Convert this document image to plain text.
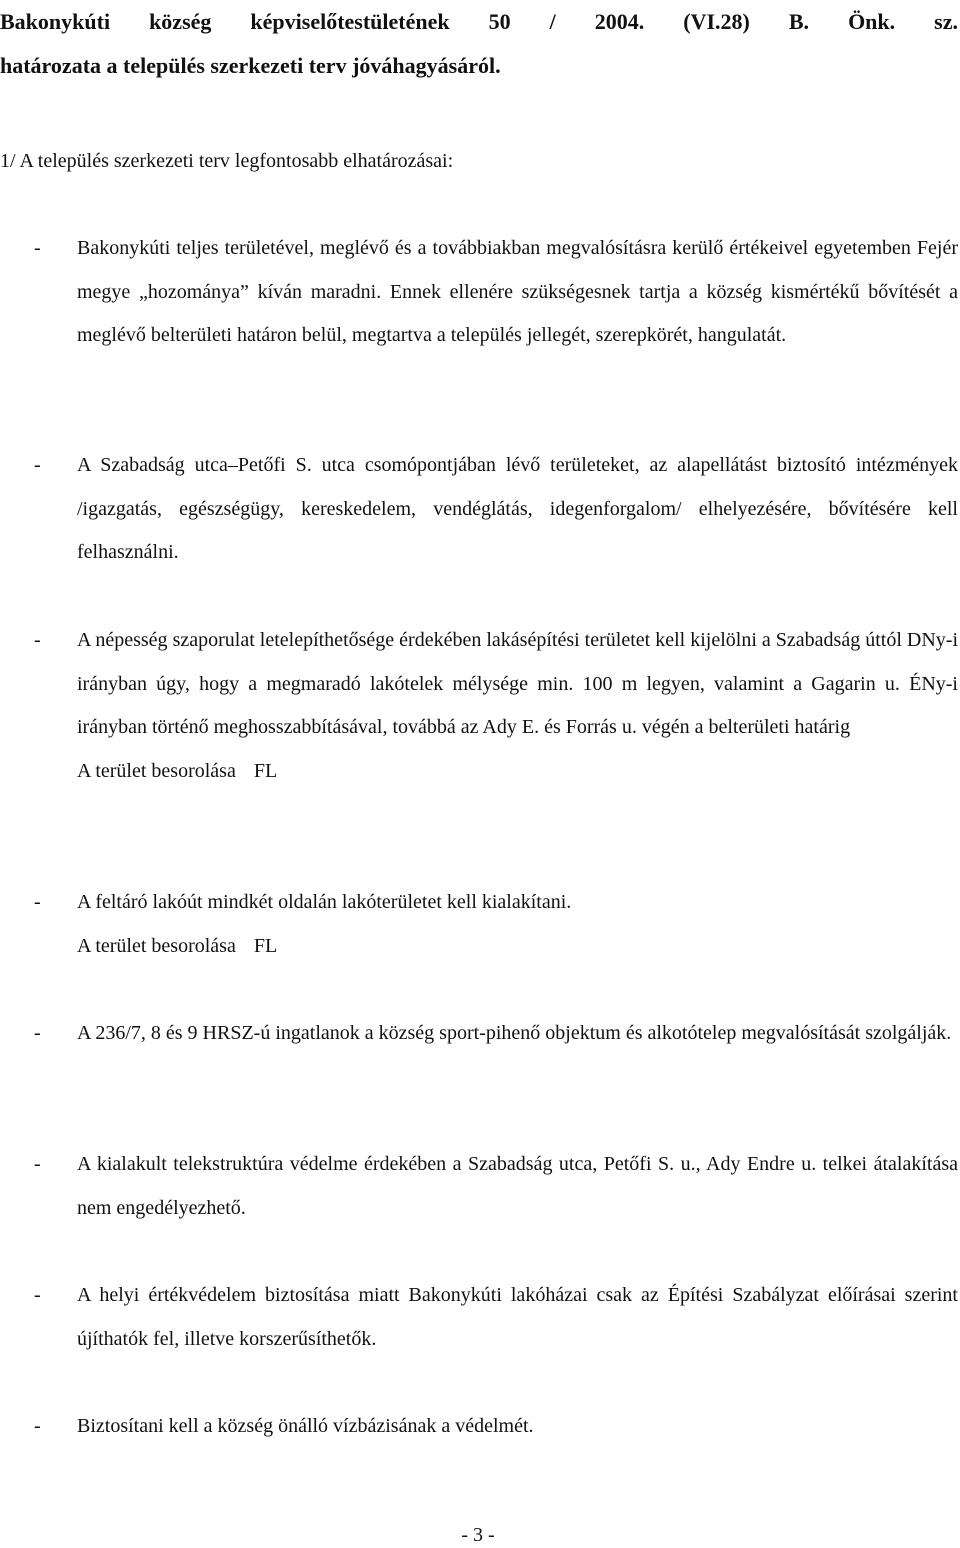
Bakonykúti község képviselőtestületének 50 / 2004. (VI.28) B. Önk. sz.

határozata a település szerkezeti terv jóváhagyásáról.

1/ A település szerkezeti terv legfontosabb elhatározásai:

- Bakonykúti teljes területével, meglévő és a továbbiakban megvalósításra kerülő értékeivel egyetemben Fejér megye „hozománya” kíván maradni. Ennek ellenére szükségesnek tartja a község kismértékű bővítését a meglévő belterületi határon belül, megtartva a település jellegét, szerepkörét, hangulatát.

- A Szabadság utca–Petőfi S. utca csomópontjában lévő területeket, az alapellátást biztosító intézmények /igazgatás, egészségügy, kereskedelem, vendéglátás, idegenforgalom/ elhelyezésére, bővítésére kell felhasználni.

- A népesség szaporulat letelepíthetősége érdekében lakásépítési területet kell kijelölni a Szabadság úttól DNy-i irányban úgy, hogy a megmaradó lakótelek mélysége min. 100 m legyen, valamint a Gagarin u. ÉNy-i irányban történő meghosszabbításával, továbbá az Ady E. és Forrás u. végén a belterületi határig

A terület besorolása FL

- A feltáró lakóút mindkét oldalán lakóterületet kell kialakítani.

A terület besorolása FL

- A 236/7, 8 és 9 HRSZ-ú ingatlanok a község sport-pihenő objektum és alkotótelep megvalósítását szolgálják.

- A kialakult telekstruktúra védelme érdekében a Szabadság utca, Petőfi S. u., Ady Endre u. telkei átalakítása nem engedélyezhető.

- A helyi értékvédelem biztosítása miatt Bakonykúti lakóházai csak az Építési Szabályzat előírásai szerint újíthatók fel, illetve korszerűsíthetők.

- Biztosítani kell a község önálló vízbázisának a védelmét.

- 3 -
